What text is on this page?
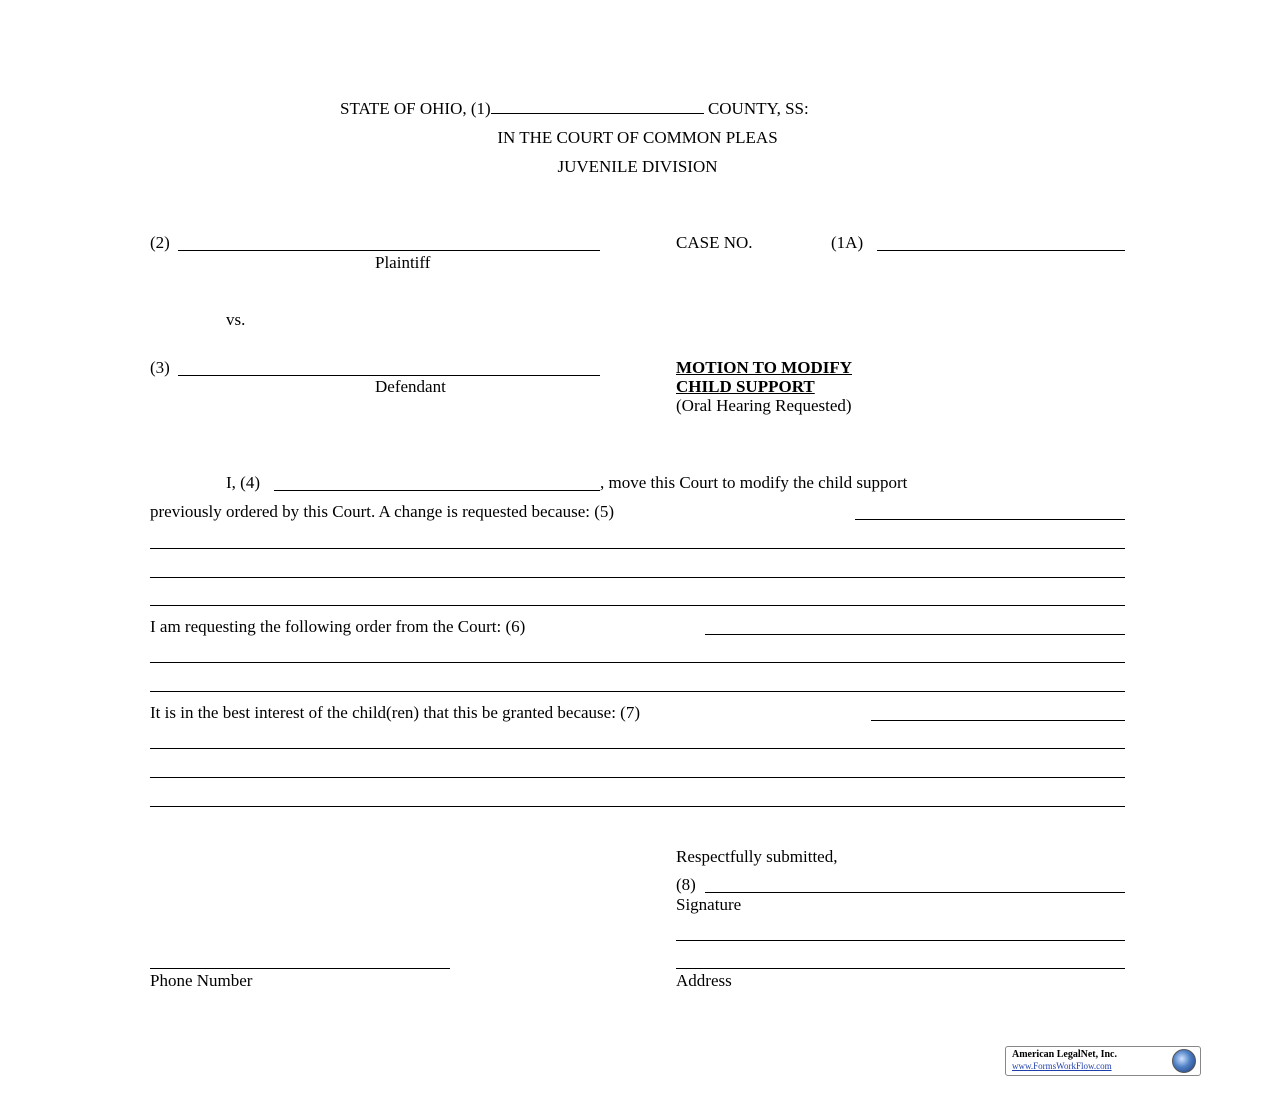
STATE OF OHIO, (1)	COUNTY, SS:
IN THE COURT OF COMMON PLEAS
JUVENILE DIVISION
(2)
Plaintiff
CASE NO.	(1A)
vs.
(3)
Defendant
MOTION TO MODIFY
CHILD SUPPORT
(Oral Hearing Requested)
I, (4)	, move this Court to modify the child support
previously ordered by this Court. A change is requested because: (5)
I am requesting the following order from the Court: (6)
It is in the best interest of the child(ren) that this be granted because: (7)
Respectfully submitted,
(8)
Signature
Address
Phone Number
American LegalNet, Inc.
www.FormsWorkFlow.com
